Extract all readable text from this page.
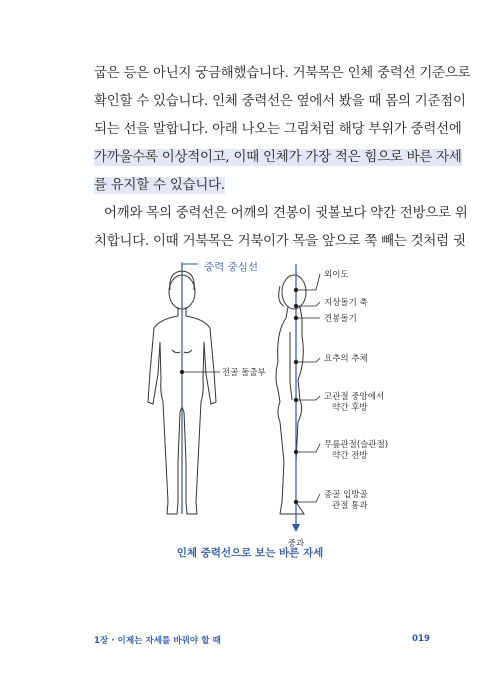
굽은 등은 아닌지 궁금해했습니다. 거북목은 인체 중력선 기준으로
확인할 수 있습니다. 인체 중력선은 옆에서 봤을 때 몸의 기준점이
되는 선을 말합니다. 아래 나오는 그림처럼 해당 부위가 중력선에
가까울수록 이상적이고, 이때 인체가 가장 적은 힘으로 바른 자세
를 유지할 수 있습니다.
어깨와 목의 중력선은 어깨의 견봉이 귓볼보다 약간 전방으로 위
치합니다. 이때 거북목은 거북이가 목을 앞으로 쭉 빼는 것처럼 귓
중력 중심선
전골 돌출부
중과
외이도
지상돌기 축
견봉돌기
요추의 추체
고관절 중앙에서 약간 후방
무릎관절(슬관절) 약간 전방
종골 입방골 관절 통과
인체 중력선으로 보는 바른 자세
1장 · 이제는 자세를 바꿔야 할 때	019
